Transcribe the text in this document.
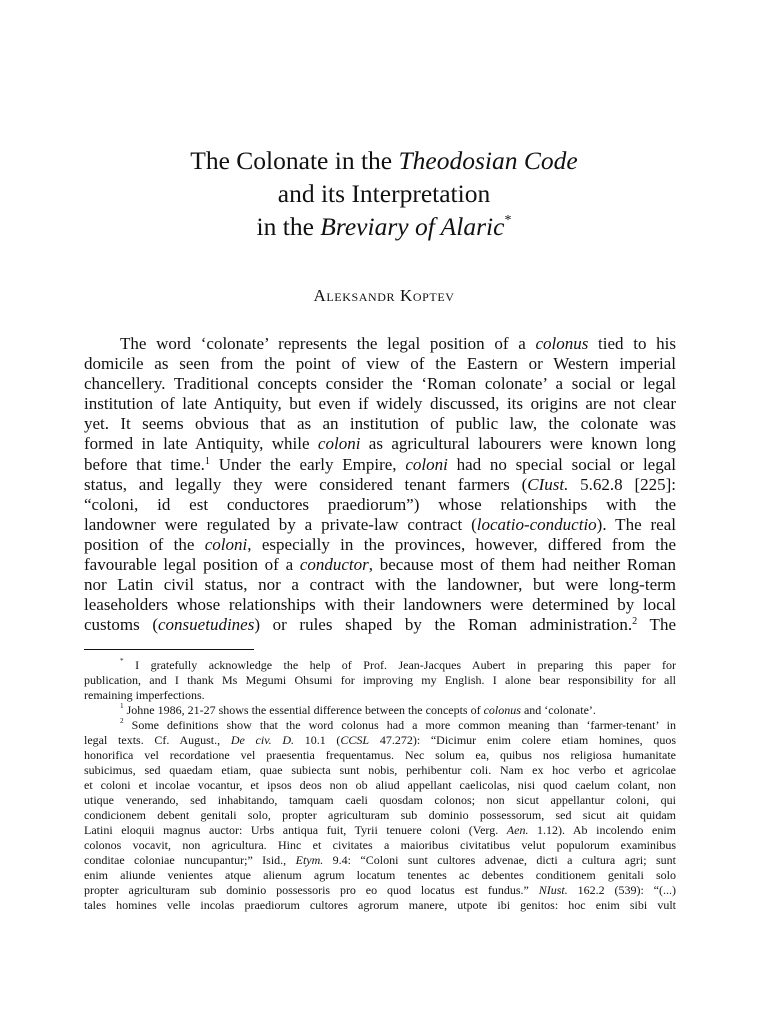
The Colonate in the Theodosian Code
and its Interpretation
in the Breviary of Alaric*
Aleksandr Koptev
The word ‘colonate’ represents the legal position of a colonus tied to his
domicile as seen from the point of view of the Eastern or Western imperial
chancellery. Traditional concepts consider the ‘Roman colonate’ a social or legal
institution of late Antiquity, but even if widely discussed, its origins are not clear
yet. It seems obvious that as an institution of public law, the colonate was
formed in late Antiquity, while coloni as agricultural labourers were known long
before that time.$^1$ Under the early Empire, coloni had no special social or legal
status, and legally they were considered tenant farmers (CIust. 5.62.8 [225]:
“coloni, id est conductores praediorum”) whose relationships with the
landowner were regulated by a private-law contract (locatio-conductio). The real
position of the coloni, especially in the provinces, however, differed from the
favourable legal position of a conductor, because most of them had neither Roman
nor Latin civil status, nor a contract with the landowner, but were long-term
leaseholders whose relationships with their landowners were determined by local
customs (consuetudines) or rules shaped by the Roman administration.$^2$ The
* I gratefully acknowledge the help of Prof. Jean-Jacques Aubert in preparing this paper for
publication, and I thank Ms Megumi Ohsumi for improving my English. I alone bear responsibility for all
remaining imperfections.
$^1$ Johne 1986, 21-27 shows the essential difference between the concepts of colonus and ‘colonate’.
$^2$ Some definitions show that the word colonus had a more common meaning than ‘farmer-tenant’ in
legal texts. Cf. August., De civ. D. 10.1 (CCSL 47.272): “Dicimur enim colere etiam homines, quos
honorifica vel recordatione vel praesentia frequentamus. Nec solum ea, quibus nos religiosa humanitate
subicimus, sed quaedam etiam, quae subiecta sunt nobis, perhibentur coli. Nam ex hoc verbo et agricolae
et coloni et incolae vocantur, et ipsos deos non ob aliud appellant caelicolas, nisi quod caelum colant, non
utique venerando, sed inhabitando, tamquam caeli quosdam colonos; non sicut appellantur coloni, qui
condicionem debent genitali solo, propter agriculturam sub dominio possessorum, sed sicut ait quidam
Latini eloquii magnus auctor: Urbs antiqua fuit, Tyrii tenuere coloni (Verg. Aen. 1.12). Ab incolendo enim
colonos vocavit, non agricultura. Hinc et civitates a maioribus civitatibus velut populorum examinibus
conditae coloniae nuncupantur;” Isid., Etym. 9.4: “Coloni sunt cultores advenae, dicti a cultura agri; sunt
enim aliunde venientes atque alienum agrum locatum tenentes ac debentes conditionem genitali solo
propter agriculturam sub dominio possessoris pro eo quod locatus est fundus.” NIust. 162.2 (539): “(...)
tales homines velle incolas praediorum cultores agrorum manere, utpote ibi genitos: hoc enim sibi vult
